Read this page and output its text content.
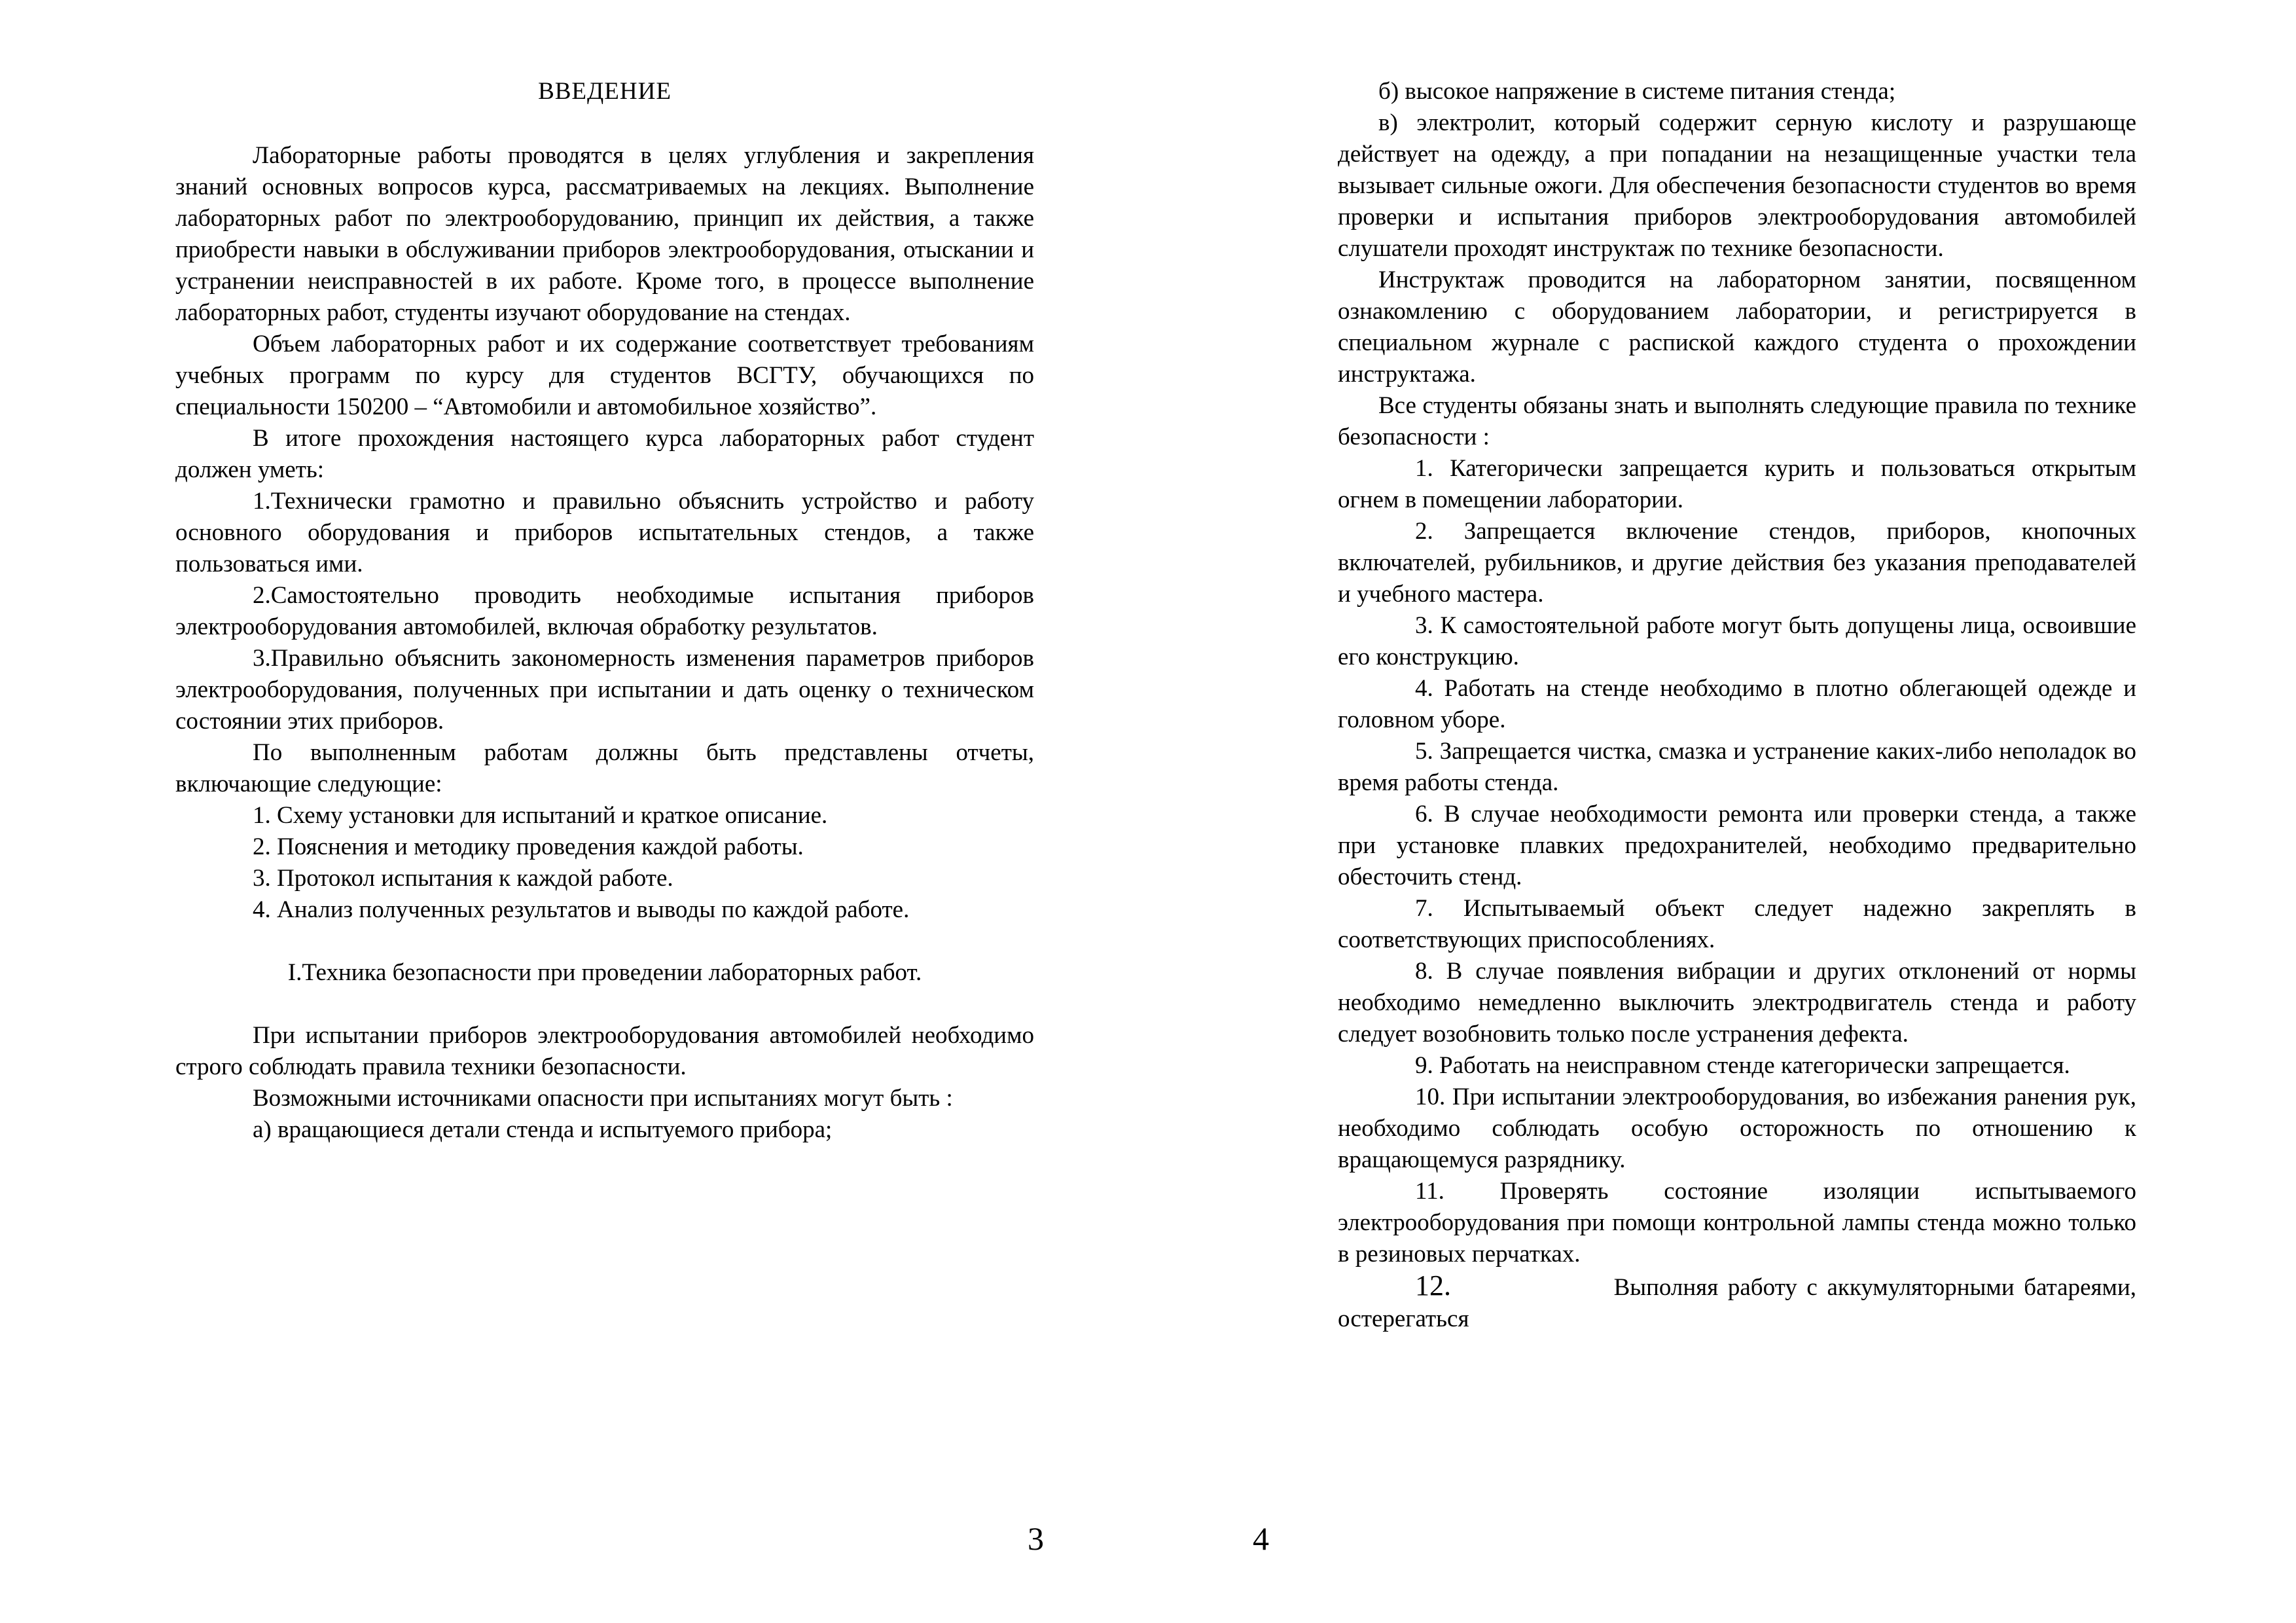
ВВЕДЕНИЕ

Лабораторные работы проводятся в целях углубления и закрепления знаний основных вопросов курса, рассматриваемых на лекциях. Выполнение лабораторных работ по электрооборудованию, принцип их действия, а также приобрести навыки в обслуживании приборов электрооборудования, отыскании и устранении неисправностей в их работе. Кроме того, в процессе выполнение лабораторных работ, студенты изучают оборудование на стендах.

Объем лабораторных работ и их содержание соответствует требованиям учебных программ по курсу для студентов ВСГТУ, обучающихся по специальности 150200 – “Автомобили и автомобильное хозяйство”.

В итоге прохождения настоящего курса лабораторных работ студент должен уметь:

1.Технически грамотно и правильно объяснить устройство и работу основного оборудования и приборов испытательных стендов, а также пользоваться ими.

2.Самостоятельно проводить необходимые испытания приборов электрооборудования автомобилей, включая обработку результатов.

3.Правильно объяснить закономерность изменения параметров приборов электрооборудования, полученных при испытании и дать оценку о техническом состоянии этих приборов.

По выполненным работам должны быть представлены отчеты, включающие следующие:

1. Схему установки для испытаний и краткое описание.

2. Пояснения и методику проведения каждой работы.

3. Протокол испытания к каждой работе.

4. Анализ полученных результатов и выводы по каждой работе.

I.Техника безопасности при проведении лабораторных работ.

При испытании приборов электрооборудования автомобилей необходимо строго соблюдать правила техники безопасности.

Возможными источниками опасности при испытаниях могут быть :

а) вращающиеся детали стенда и испытуемого прибора;

3

б) высокое напряжение в системе питания стенда;

в) электролит, который содержит серную кислоту и разрушающе действует на одежду, а при попадании на незащищенные участки тела вызывает сильные ожоги. Для обеспечения безопасности студентов во время проверки и испытания приборов электрооборудования автомобилей слушатели проходят инструктаж по технике безопасности.

Инструктаж проводится на лабораторном занятии, посвященном ознакомлению с оборудованием лаборатории, и регистрируется в специальном журнале с распиской каждого студента о прохождении инструктажа.

Все студенты обязаны знать и выполнять следующие правила по технике безопасности :

1. Категорически запрещается курить и пользоваться открытым огнем в помещении лаборатории.

2. Запрещается включение стендов, приборов, кнопочных включателей, рубильников, и другие действия без указания преподавателей и учебного мастера.

3. К самостоятельной работе могут быть допущены лица, освоившие его конструкцию.

4. Работать на стенде необходимо в плотно облегающей одежде и головном уборе.

5. Запрещается чистка, смазка и устранение каких-либо неполадок во время работы стенда.

6. В случае необходимости ремонта или проверки стенда, а также при установке плавких предохранителей, необходимо предварительно обесточить стенд.

7. Испытываемый объект следует надежно закреплять в соответствующих приспособлениях.

8. В случае появления вибрации и других отклонений от нормы необходимо немедленно выключить электродвигатель стенда и работу следует возобновить только после устранения дефекта.

9. Работать на неисправном стенде категорически запрещается.

10. При испытании электрооборудования, во избежания ранения рук, необходимо соблюдать особую осторожность по отношению к вращающемуся разряднику.

11. Проверять состояние изоляции испытываемого электрооборудования при помощи контрольной лампы стенда можно только в резиновых перчатках.

12.	Выполняя работу с аккумуляторными батареями, остерегаться

4
